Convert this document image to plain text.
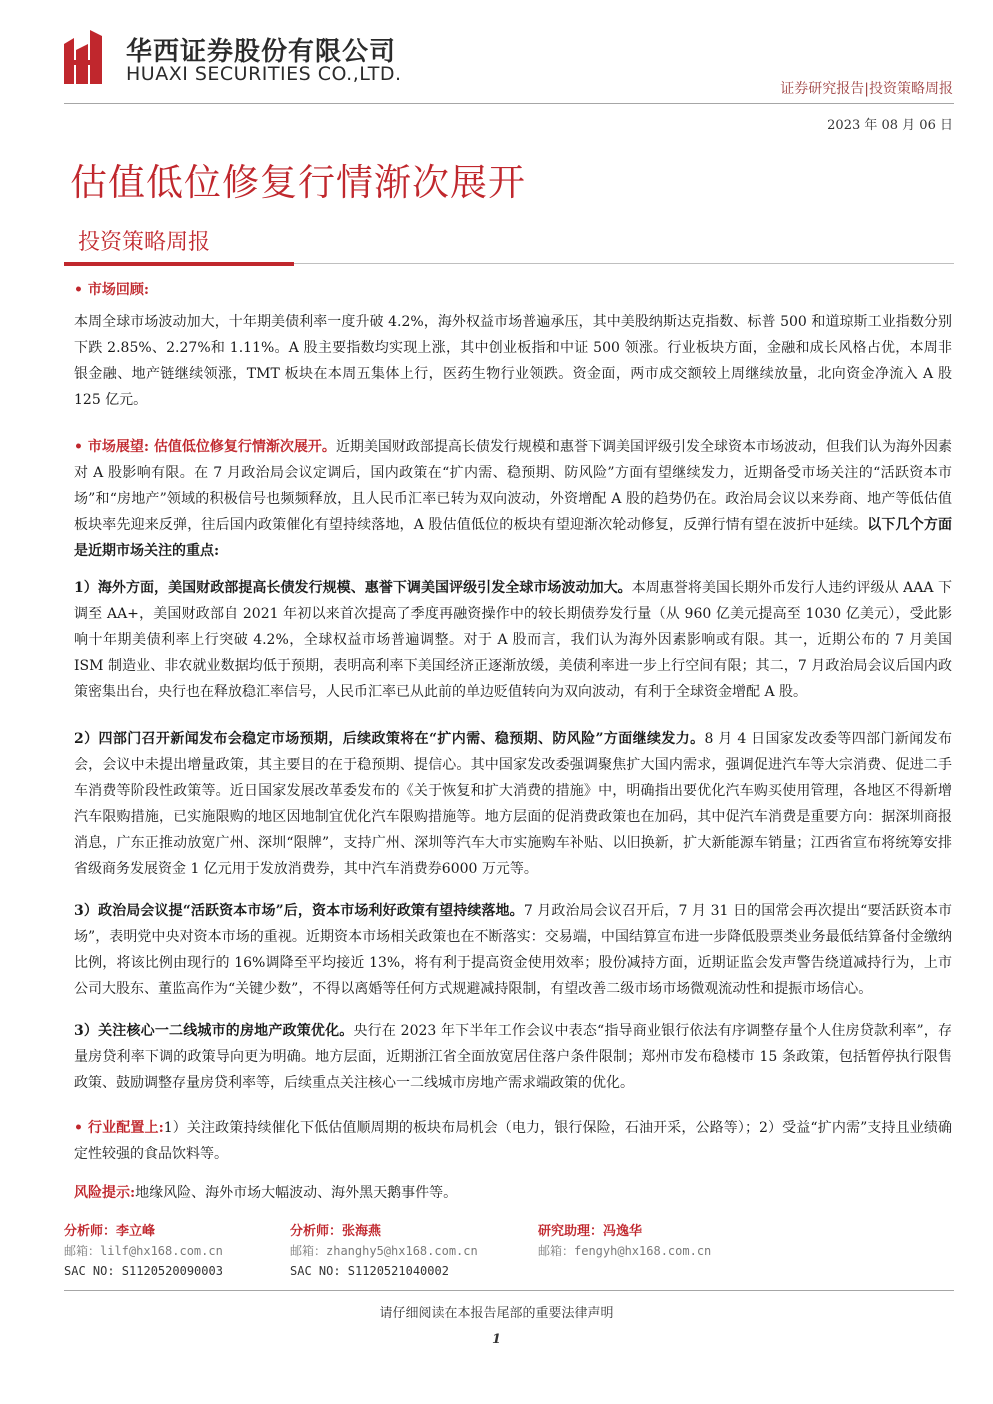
华西证券股份有限公司
HUAXI SECURITIES CO.,LTD.
证券研究报告|投资策略周报
2023 年 08 月 06 日
估值低位修复行情渐次展开
投资策略周报

• 市场回顾:

本周全球市场波动加大，十年期美债利率一度升破 4.2%，海外权益市场普遍承压，其中美股纳斯达克指数、标普 500 和道琼斯工业指数分别下跌 2.85%、2.27%和 1.11%。A 股主要指数均实现上涨，其中创业板指和中证 500 领涨。行业板块方面，金融和成长风格占优，本周非银金融、地产链继续领涨，TMT 板块在本周五集体上行，医药生物行业领跌。资金面，两市成交额较上周继续放量，北向资金净流入 A 股125 亿元。

• 市场展望: 估值低位修复行情渐次展开。近期美国财政部提高长债发行规模和惠誉下调美国评级引发全球资本市场波动，但我们认为海外因素对 A 股影响有限。在 7 月政治局会议定调后，国内政策在“扩内需、稳预期、防风险”方面有望继续发力，近期备受市场关注的“活跃资本市场”和“房地产”领域的积极信号也频频释放，且人民币汇率已转为双向波动，外资增配 A 股的趋势仍在。政治局会议以来券商、地产等低估值板块率先迎来反弹，往后国内政策催化有望持续落地，A 股估值低位的板块有望迎渐次轮动修复，反弹行情有望在波折中延续。以下几个方面是近期市场关注的重点:

1）海外方面，美国财政部提高长债发行规模、惠誉下调美国评级引发全球市场波动加大。本周惠誉将美国长期外币发行人违约评级从 AAA 下调至 AA+，美国财政部自 2021 年初以来首次提高了季度再融资操作中的较长期债券发行量（从 960 亿美元提高至 1030 亿美元），受此影响十年期美债利率上行突破 4.2%，全球权益市场普遍调整。对于 A 股而言，我们认为海外因素影响或有限。其一，近期公布的 7 月美国 ISM 制造业、非农就业数据均低于预期，表明高利率下美国经济正逐渐放缓，美债利率进一步上行空间有限；其二，7 月政治局会议后国内政策密集出台，央行也在释放稳汇率信号，人民币汇率已从此前的单边贬值转向为双向波动，有利于全球资金增配 A 股。

2）四部门召开新闻发布会稳定市场预期，后续政策将在“扩内需、稳预期、防风险”方面继续发力。8 月 4 日国家发改委等四部门新闻发布会，会议中未提出增量政策，其主要目的在于稳预期、提信心。其中国家发改委强调聚焦扩大国内需求，强调促进汽车等大宗消费、促进二手车消费等阶段性政策等。近日国家发展改革委发布的《关于恢复和扩大消费的措施》中，明确指出要优化汽车购买使用管理，各地区不得新增汽车限购措施，已实施限购的地区因地制宜优化汽车限购措施等。地方层面的促消费政策也在加码，其中促汽车消费是重要方向：据深圳商报消息，广东正推动放宽广州、深圳“限牌”，支持广州、深圳等汽车大市实施购车补贴、以旧换新，扩大新能源车销量；江西省宣布将统筹安排省级商务发展资金 1 亿元用于发放消费券，其中汽车消费券6000 万元等。

3）政治局会议提“活跃资本市场”后，资本市场利好政策有望持续落地。7 月政治局会议召开后，7 月 31 日的国常会再次提出“要活跃资本市场”，表明党中央对资本市场的重视。近期资本市场相关政策也在不断落实：交易端，中国结算宣布进一步降低股票类业务最低结算备付金缴纳比例，将该比例由现行的 16%调降至平均接近 13%，将有利于提高资金使用效率；股份减持方面，近期证监会发声警告绕道减持行为，上市公司大股东、董监高作为“关键少数”，不得以离婚等任何方式规避减持限制，有望改善二级市场市场微观流动性和提振市场信心。

3）关注核心一二线城市的房地产政策优化。央行在 2023 年下半年工作会议中表态“指导商业银行依法有序调整存量个人住房贷款利率”，存量房贷利率下调的政策导向更为明确。地方层面，近期浙江省全面放宽居住落户条件限制；郑州市发布稳楼市 15 条政策，包括暂停执行限售政策、鼓励调整存量房贷利率等，后续重点关注核心一二线城市房地产需求端政策的优化。

• 行业配置上:1）关注政策持续催化下低估值顺周期的板块布局机会（电力，银行保险，石油开采，公路等）；2）受益“扩内需”支持且业绩确定性较强的食品饮料等。

风险提示:地缘风险、海外市场大幅波动、海外黑天鹅事件等。

分析师：李立峰
邮箱：lilf@hx168.com.cn
SAC NO: S1120520090003
分析师：张海燕
邮箱：zhanghy5@hx168.com.cn
SAC NO: S1120521040002
研究助理：冯逸华
邮箱：fengyh@hx168.com.cn
请仔细阅读在本报告尾部的重要法律声明
1
